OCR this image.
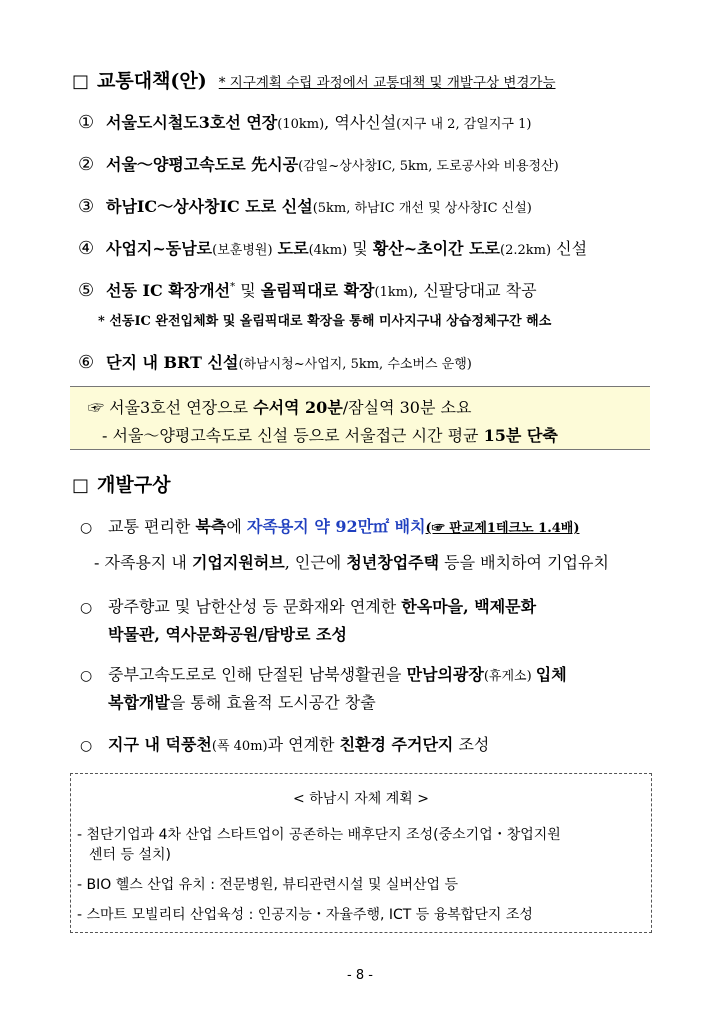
□ 교통대책(안) * 지구계획 수립 과정에서 교통대책 및 개발구상 변경가능
① 서울도시철도3호선 연장(10km), 역사신설(지구 내 2, 감일지구 1)
② 서울～양평고속도로 先시공(감일~상사창IC, 5km, 도로공사와 비용정산)
③ 하남IC～상사창IC 도로 신설(5km, 하남IC 개선 및 상사창IC 신설)
④ 사업지~동남로(보훈병원) 도로(4km) 및 황산~초이간 도로(2.2km) 신설
⑤ 선동 IC 확장개선* 및 올림픽대로 확장(1km), 신팔당대교 착공
* 선동IC 완전입체화 및 올림픽대로 확장을 통해 미사지구내 상습정체구간 해소
⑥ 단지 내 BRT 신설(하남시청~사업지, 5km, 수소버스 운행)
☞ 서울3호선 연장으로 수서역 20분/잠실역 30분 소요
- 서울～양평고속도로 신설 등으로 서울접근 시간 평균 15분 단축
□ 개발구상
○ 교통 편리한 북측에 자족용지 약 92만㎡ 배치(☞ 판교제1테크노 1.4배)
- 자족용지 내 기업지원허브, 인근에 청년창업주택 등을 배치하여 기업유치
○ 광주향교 및 남한산성 등 문화재와 연계한 한옥마을, 백제문화
박물관, 역사문화공원/탐방로 조성
○ 중부고속도로로 인해 단절된 남북생활권을 만남의광장(휴게소) 입체
복합개발을 통해 효율적 도시공간 창출
○ 지구 내 덕풍천(폭 40m)과 연계한 친환경 주거단지 조성
< 하남시 자체 계획 >
- 첨단기업과 4차 산업 스타트업이 공존하는 배후단지 조성(중소기업・창업지원
센터 등 설치)
- BIO 헬스 산업 유치 : 전문병원, 뷰티관련시설 및 실버산업 등
- 스마트 모빌리티 산업육성 : 인공지능・자율주행, ICT 등 융복합단지 조성
- 8 -
